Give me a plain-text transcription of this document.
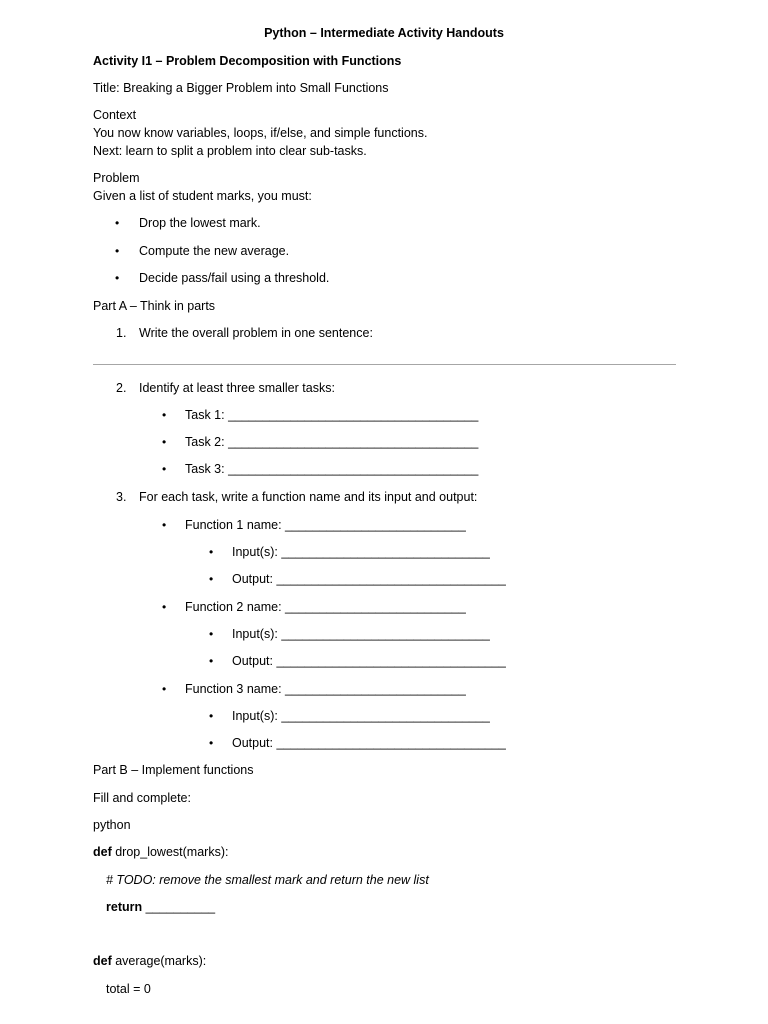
Python – Intermediate Activity Handouts
Activity I1 – Problem Decomposition with Functions
Title: Breaking a Bigger Problem into Small Functions
Context
You now know variables, loops, if/else, and simple functions.
Next: learn to split a problem into clear sub-tasks.
Problem
Given a list of student marks, you must:
• Drop the lowest mark.
• Compute the new average.
• Decide pass/fail using a threshold.
Part A – Think in parts
1. Write the overall problem in one sentence:
2. Identify at least three smaller tasks:
• Task 1: ____________________________________
• Task 2: ____________________________________
• Task 3: ____________________________________
3. For each task, write a function name and its input and output:
• Function 1 name: __________________________
• Input(s): ______________________________
• Output: _________________________________
• Function 2 name: __________________________
• Input(s): ______________________________
• Output: _________________________________
• Function 3 name: __________________________
• Input(s): ______________________________
• Output: _________________________________
Part B – Implement functions
Fill and complete:
python
def drop_lowest(marks):
# TODO: remove the smallest mark and return the new list
return __________
def average(marks):
total = 0
